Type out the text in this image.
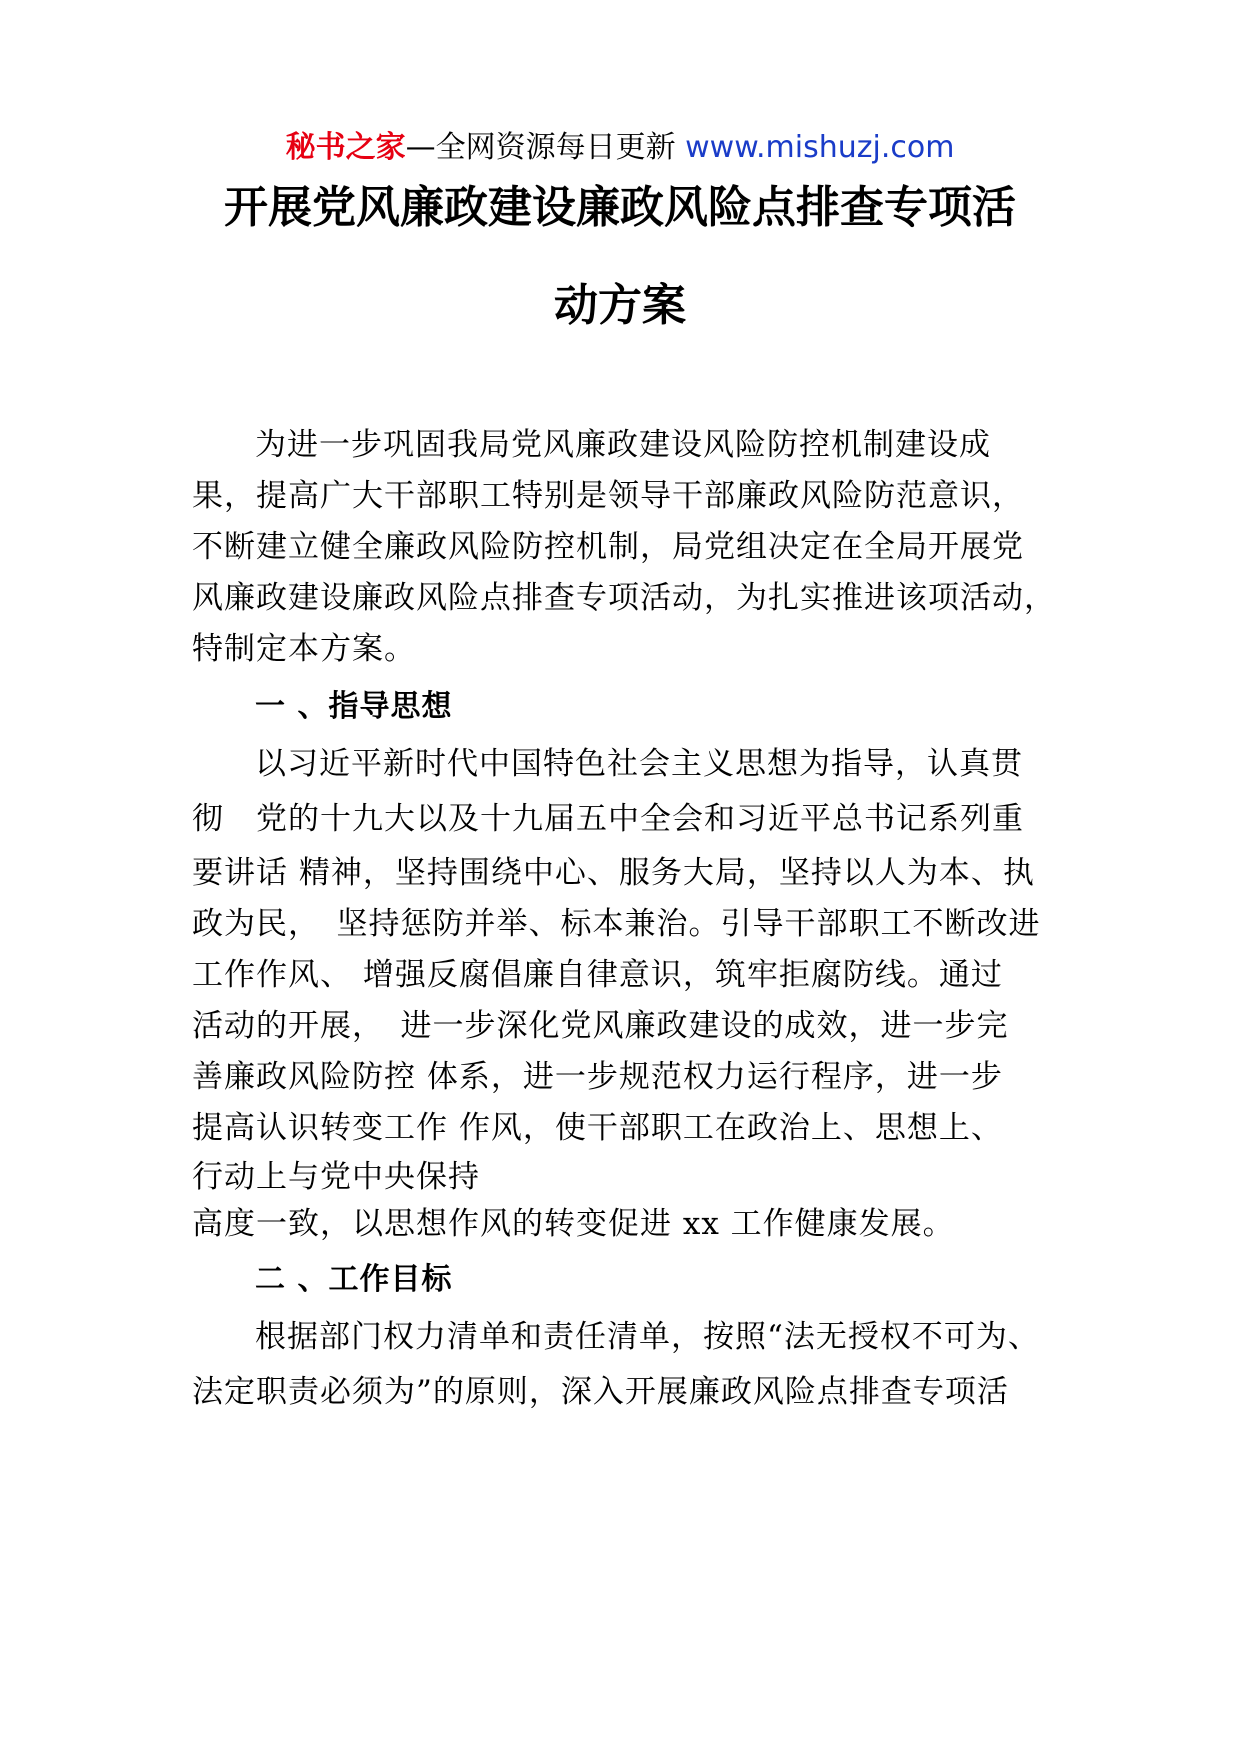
秘书之家—全网资源每日更新 www.mishuzj.com
开展党风廉政建设廉政风险点排查专项活
动方案
为进一步巩固我局党风廉政建设风险防控机制建设成
果，提高广大干部职工特别是领导干部廉政风险防范意识，
不断建立健全廉政风险防控机制，局党组决定在全局开展党
风廉政建设廉政风险点排查专项活动，为扎实推进该项活动，
特制定本方案。
一 、指导思想
以习近平新时代中国特色社会主义思想为指导，认真贯
彻　党的十九大以及十九届五中全会和习近平总书记系列重
要讲话 精神，坚持围绕中心、服务大局，坚持以人为本、执
政为民，　坚持惩防并举、标本兼治。引导干部职工不断改进
工作作风、 增强反腐倡廉自律意识，筑牢拒腐防线。通过
活动的开展，　进一步深化党风廉政建设的成效，进一步完
善廉政风险防控 体系，进一步规范权力运行程序，进一步
提高认识转变工作 作风，使干部职工在政治上、思想上、
行动上与党中央保持
高度一致，以思想作风的转变促进 xx 工作健康发展。
二 、工作目标
根据部门权力清单和责任清单，按照“法无授权不可为、
法定职责必须为”的原则，深入开展廉政风险点排查专项活
